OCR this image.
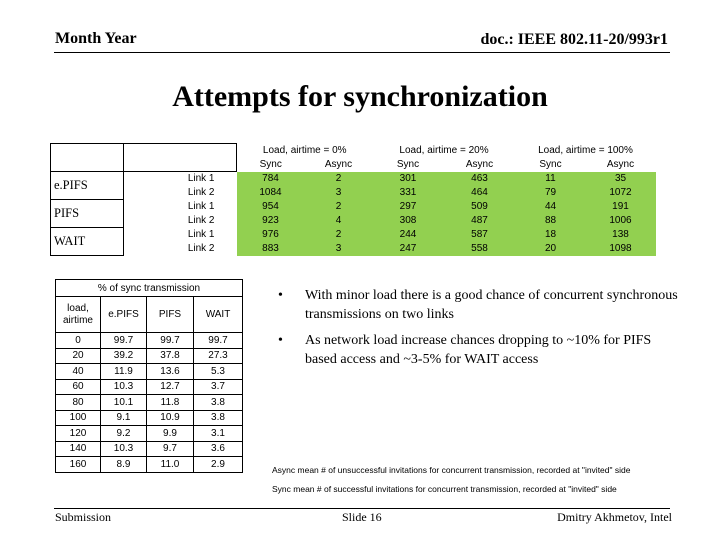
Month Year	doc.: IEEE 802.11-20/993r1
Attempts for synchronization
		Load, airtime = 0%		Load, airtime = 20%		Load, airtime = 100%	
		Sync	Async	Sync	Async	Sync	Async
e.PIFS	Link 1	784	2	301	463	11	35
	Link 2	1084	3	331	464	79	1072
PIFS	Link 1	954	2	297	509	44	191
	Link 2	923	4	308	487	88	1006
WAIT	Link 1	976	2	244	587	18	138
	Link 2	883	3	247	558	20	1098
% of sync transmission			
load, airtime	e.PIFS	PIFS	WAIT
0	99.7	99.7	99.7
20	39.2	37.8	27.3
40	11.9	13.6	5.3
60	10.3	12.7	3.7
80	10.1	11.8	3.8
100	9.1	10.9	3.8
120	9.2	9.9	3.1
140	10.3	9.7	3.6
160	8.9	11.0	2.9
• With minor load there is a good chance of concurrent synchronous transmissions on two links
• As network load increase chances dropping to ~10% for PIFS based access and ~3-5% for WAIT access
Async mean # of unsuccessful invitations for concurrent transmission, recorded at "invited" side
Sync mean # of successful invitations for concurrent transmission, recorded at "invited" side
Submission	Slide 16	Dmitry Akhmetov, Intel
